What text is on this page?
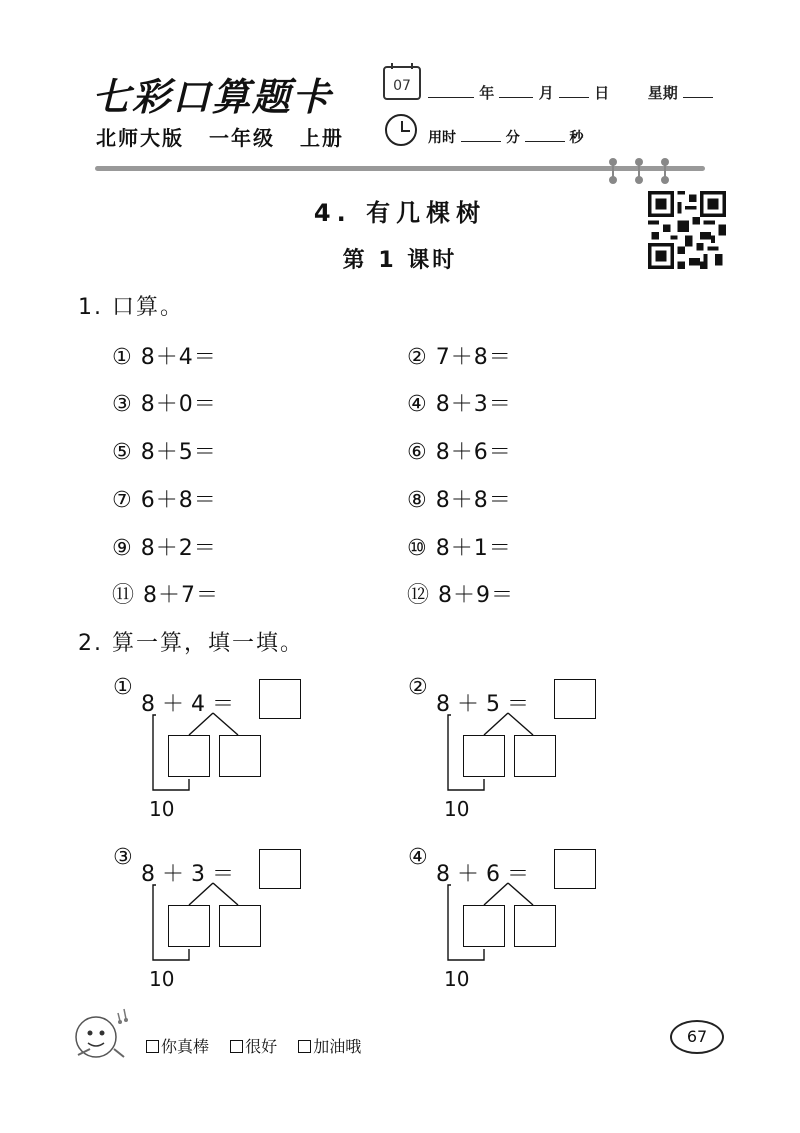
七彩口算题卡	07	年	月	日	星期
北师大版 一年级 上册	用时	分	秒
4. 有几棵树
第 1 课时
1. 口算。
① 8＋4＝	② 7＋8＝
③ 8＋0＝	④ 8＋3＝
⑤ 8＋5＝	⑥ 8＋6＝
⑦ 6＋8＝	⑧ 8＋8＝
⑨ 8＋2＝	⑩ 8＋1＝
⑪ 8＋7＝	⑫ 8＋9＝
2. 算一算，填一填。
①
8 ＋ 4 ＝
10
②
8 ＋ 5 ＝
10
③
8 ＋ 3 ＝
10
④
8 ＋ 6 ＝
10
你真棒 很好 加油哦
67
